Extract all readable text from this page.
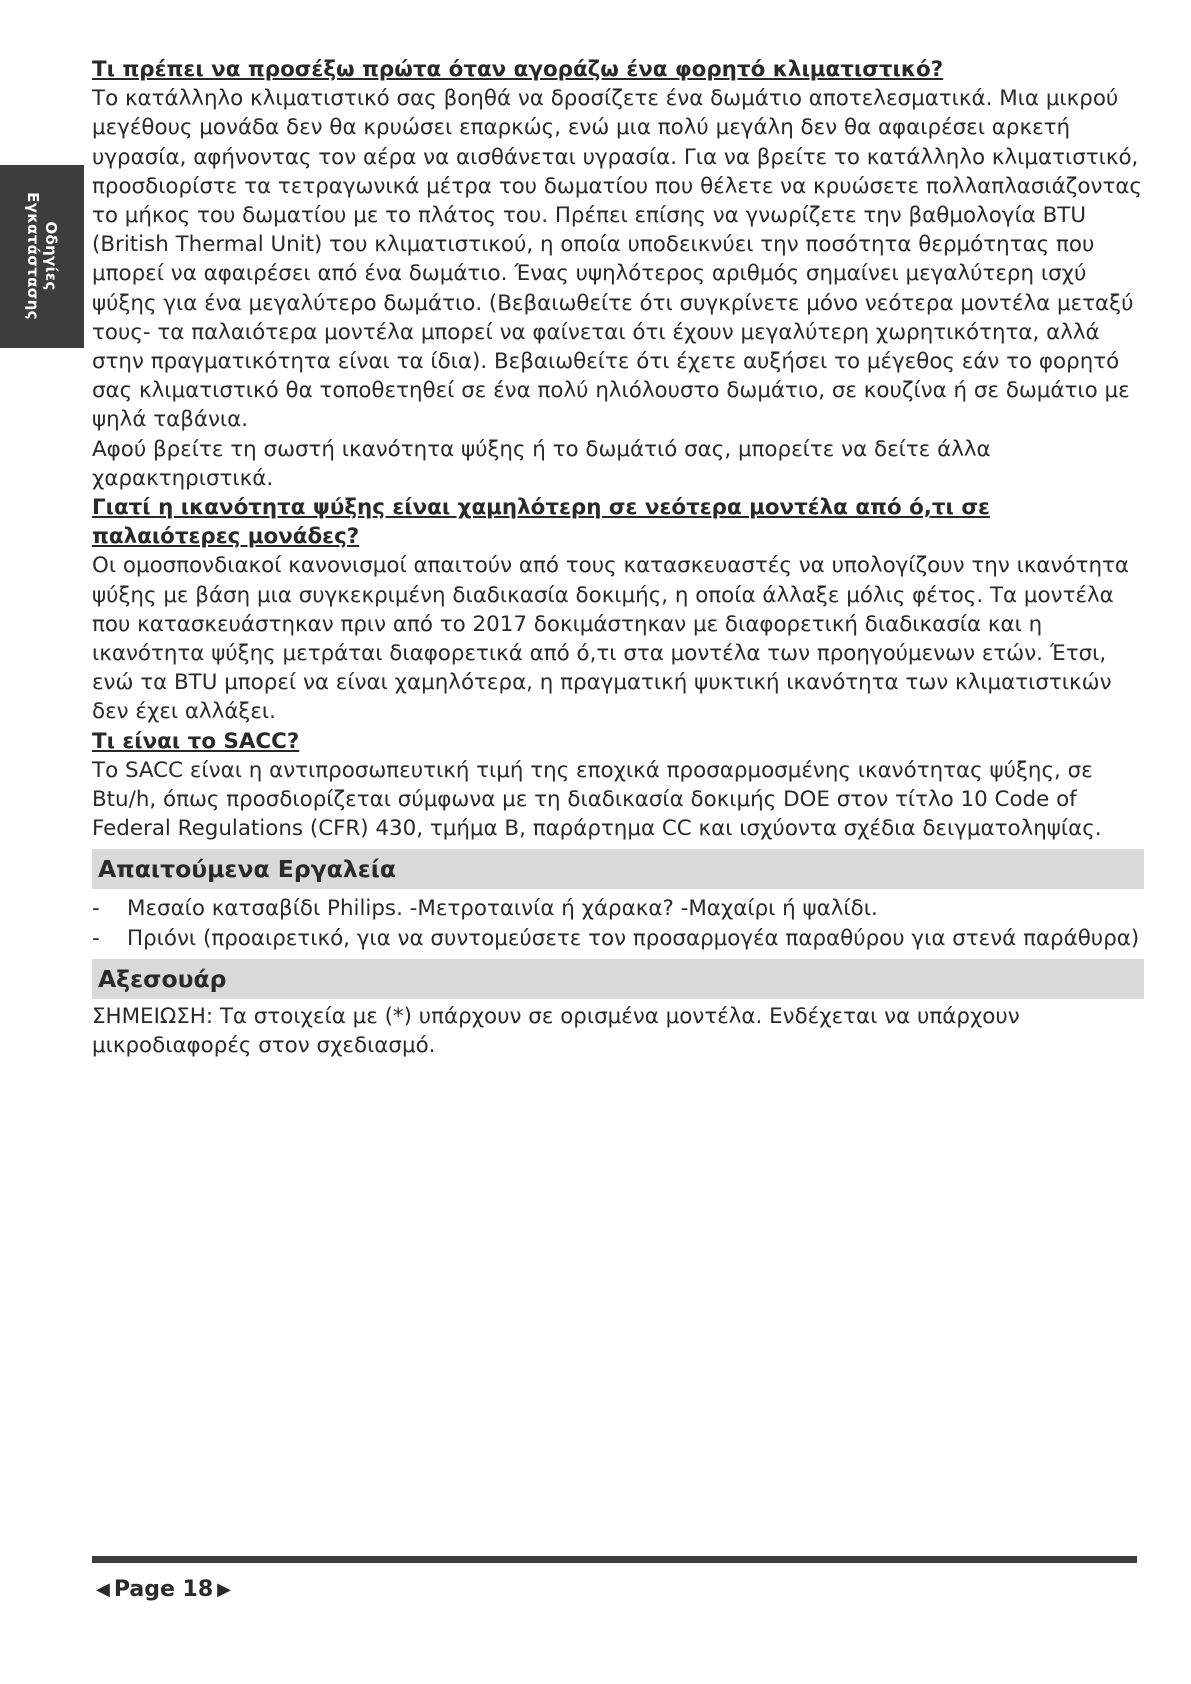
Οδηγίες
Εγκατάστασης
Τι πρέπει να προσέξω πρώτα όταν αγοράζω ένα φορητό κλιματιστικό?

Το κατάλληλο κλιματιστικό σας βοηθά να δροσίζετε ένα δωμάτιο αποτελεσματικά. Μια μικρού μεγέθους μονάδα δεν θα κρυώσει επαρκώς, ενώ μια πολύ μεγάλη δεν θα αφαιρέσει αρκετή υγρασία, αφήνοντας τον αέρα να αισθάνεται υγρασία. Για να βρείτε το κατάλληλο κλιματιστικό, προσδιορίστε τα τετραγωνικά μέτρα του δωματίου που θέλετε να κρυώσετε πολλαπλασιάζοντας το μήκος του δωματίου με το πλάτος του. Πρέπει επίσης να γνωρίζετε την βαθμολογία BTU (British Thermal Unit) του κλιματιστικού, η οποία υποδεικνύει την ποσότητα θερμότητας που μπορεί να αφαιρέσει από ένα δωμάτιο. Ένας υψηλότερος αριθμός σημαίνει μεγαλύτερη ισχύ ψύξης για ένα μεγαλύτερο δωμάτιο. (Βεβαιωθείτε ότι συγκρίνετε μόνο νεότερα μοντέλα μεταξύ τους- τα παλαιότερα μοντέλα μπορεί να φαίνεται ότι έχουν μεγαλύτερη χωρητικότητα, αλλά στην πραγματικότητα είναι τα ίδια). Βεβαιωθείτε ότι έχετε αυξήσει το μέγεθος εάν το φορητό σας κλιματιστικό θα τοποθετηθεί σε ένα πολύ ηλιόλουστο δωμάτιο, σε κουζίνα ή σε δωμάτιο με ψηλά ταβάνια.

Αφού βρείτε τη σωστή ικανότητα ψύξης ή το δωμάτιό σας, μπορείτε να δείτε άλλα χαρακτηριστικά.

Γιατί η ικανότητα ψύξης είναι χαμηλότερη σε νεότερα μοντέλα από ό,τι σε παλαιότερες μονάδες?

Οι ομοσπονδιακοί κανονισμοί απαιτούν από τους κατασκευαστές να υπολογίζουν την ικανότητα ψύξης με βάση μια συγκεκριμένη διαδικασία δοκιμής, η οποία άλλαξε μόλις φέτος. Τα μοντέλα που κατασκευάστηκαν πριν από το 2017 δοκιμάστηκαν με διαφορετική διαδικασία και η ικανότητα ψύξης μετράται διαφορετικά από ό,τι στα μοντέλα των προηγούμενων ετών. Έτσι, ενώ τα BTU μπορεί να είναι χαμηλότερα, η πραγματική ψυκτική ικανότητα των κλιματιστικών δεν έχει αλλάξει.

Τι είναι το SACC?

Το SACC είναι η αντιπροσωπευτική τιμή της εποχικά προσαρμοσμένης ικανότητας ψύξης, σε Btu/h, όπως προσδιορίζεται σύμφωνα με τη διαδικασία δοκιμής DOE στον τίτλο 10 Code of Federal Regulations (CFR) 430, τμήμα B, παράρτημα CC και ισχύοντα σχέδια δειγματοληψίας.

Απαιτούμενα Εργαλεία
- Μεσαίο κατσαβίδι Philips. -Μετροταινία ή χάρακα? -Μαχαίρι ή ψαλίδι.
- Πριόνι (προαιρετικό, για να συντομεύσετε τον προσαρμογέα παραθύρου για στενά παράθυρα)
Αξεσουάρ

ΣΗΜΕΙΩΣΗ: Τα στοιχεία με (*) υπάρχουν σε ορισμένα μοντέλα. Ενδέχεται να υπάρχουν μικροδιαφορές στον σχεδιασμό.

◀ Page 18 ▶
